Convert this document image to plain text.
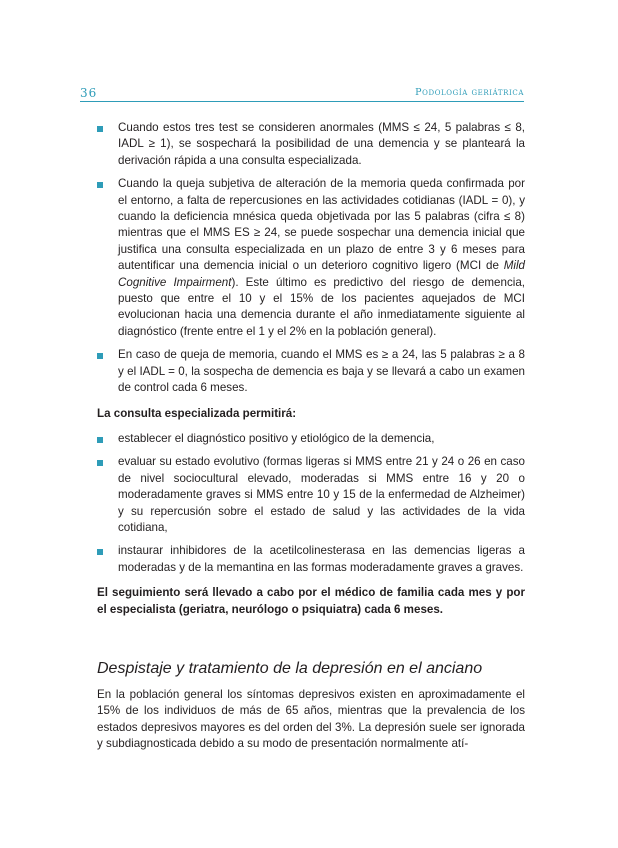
36	Podología geriátrica
Cuando estos tres test se consideren anormales (MMS ≤ 24, 5 palabras ≤ 8, IADL ≥ 1), se sospechará la posibilidad de una demencia y se planteará la derivación rápida a una consulta especializada.
Cuando la queja subjetiva de alteración de la memoria queda confirmada por el entorno, a falta de repercusiones en las actividades cotidianas (IADL = 0), y cuando la deficiencia mnésica queda objetivada por las 5 palabras (cifra ≤ 8) mientras que el MMS ES ≥ 24, se puede sospechar una demencia inicial que justifica una consulta especializada en un plazo de entre 3 y 6 meses para autentificar una demencia inicial o un deterioro cognitivo ligero (MCI de Mild Cognitive Impairment). Este último es predictivo del riesgo de demencia, puesto que entre el 10 y el 15% de los pacientes aquejados de MCI evolucionan hacia una demencia durante el año inmediatamente siguiente al diagnóstico (frente entre el 1 y el 2% en la población general).
En caso de queja de memoria, cuando el MMS es ≥ a 24, las 5 palabras ≥ a 8 y el IADL = 0, la sospecha de demencia es baja y se llevará a cabo un examen de control cada 6 meses.
La consulta especializada permitirá:
establecer el diagnóstico positivo y etiológico de la demencia,
evaluar su estado evolutivo (formas ligeras si MMS entre 21 y 24 o 26 en caso de nivel sociocultural elevado, moderadas si MMS entre 16 y 20 o moderadamente graves si MMS entre 10 y 15 de la enfermedad de Alzheimer) y su repercusión sobre el estado de salud y las actividades de la vida cotidiana,
instaurar inhibidores de la acetilcolinesterasa en las demencias ligeras a moderadas y de la memantina en las formas moderadamente graves a graves.
El seguimiento será llevado a cabo por el médico de familia cada mes y por el especialista (geriatra, neurólogo o psiquiatra) cada 6 meses.
Despistaje y tratamiento de la depresión en el anciano
En la población general los síntomas depresivos existen en aproximadamente el 15% de los individuos de más de 65 años, mientras que la prevalencia de los estados depresivos mayores es del orden del 3%. La depresión suele ser ignorada y subdiagnosticada debido a su modo de presentación normalmente atí-
